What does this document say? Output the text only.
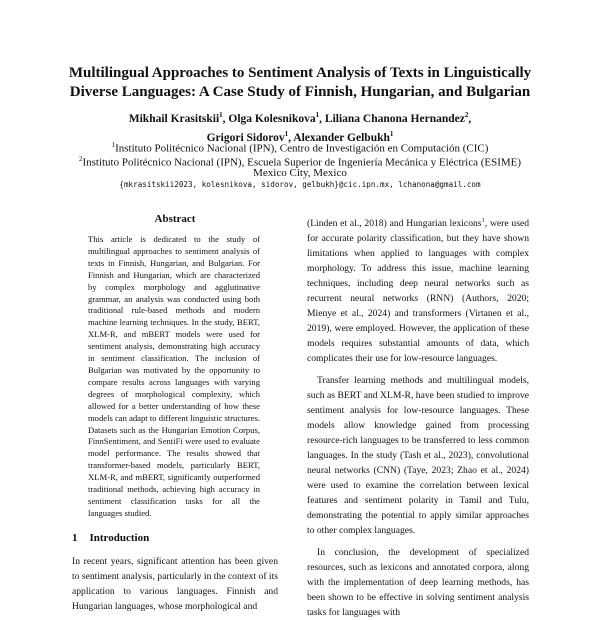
Multilingual Approaches to Sentiment Analysis of Texts in Linguistically
Diverse Languages: A Case Study of Finnish, Hungarian, and Bulgarian
Mikhail Krasitskii$^1$, Olga Kolesnikova$^1$, Liliana Chanona Hernandez$^2$,
Grigori Sidorov$^1$, Alexander Gelbukh$^1$
$^1$Instituto Politécnico Nacional (IPN), Centro de Investigación en Computación (CIC)
$^2$Instituto Politécnico Nacional (IPN), Escuela Superior de Ingeniería Mecánica y Eléctrica (ESIME)
Mexico City, Mexico
{mkrasitskii2023, kolesnikova, sidorov, gelbukh}@cic.ipn.mx, lchanona@gmail.com
Abstract

This article is dedicated to the study of multilingual approaches to sentiment analysis of texts in Finnish, Hungarian, and Bulgarian. For Finnish and Hungarian, which are characterized by complex morphology and agglutinative grammar, an analysis was conducted using both traditional rule-based methods and modern machine learning techniques. In the study, BERT, XLM-R, and mBERT models were used for sentiment analysis, demonstrating high accuracy in sentiment classification. The inclusion of Bulgarian was motivated by the opportunity to compare results across languages with varying degrees of morphological complexity, which allowed for a better understanding of how these models can adapt to different linguistic structures. Datasets such as the Hungarian Emotion Corpus, FinnSentiment, and SentiFi were used to evaluate model performance. The results showed that transformer-based models, particularly BERT, XLM-R, and mBERT, significantly outperformed traditional methods, achieving high accuracy in sentiment classification tasks for all the languages studied.

1 Introduction

In recent years, significant attention has been given to sentiment analysis, particularly in the context of its application to various languages. Finnish and Hungarian languages, whose morphological and

(Linden et al., 2018) and Hungarian lexicons$^1$, were used for accurate polarity classification, but they have shown limitations when applied to languages with complex morphology. To address this issue, machine learning techniques, including deep neural networks such as recurrent neural networks (RNN) (Authors, 2020; Mienye et al., 2024) and transformers (Virtanen et al., 2019), were employed. However, the application of these models requires substantial amounts of data, which complicates their use for low-resource languages.

Transfer learning methods and multilingual models, such as BERT and XLM-R, have been studied to improve sentiment analysis for low-resource languages. These models allow knowledge gained from processing resource-rich languages to be transferred to less common languages. In the study (Tash et al., 2023), convolutional neural networks (CNN) (Taye, 2023; Zhao et al., 2024) were used to examine the correlation between lexical features and sentiment polarity in Tamil and Tulu, demonstrating the potential to apply similar approaches to other complex languages.

In conclusion, the development of specialized resources, such as lexicons and annotated corpora, along with the implementation of deep learning methods, has been shown to be effective in solving sentiment analysis tasks for languages with
